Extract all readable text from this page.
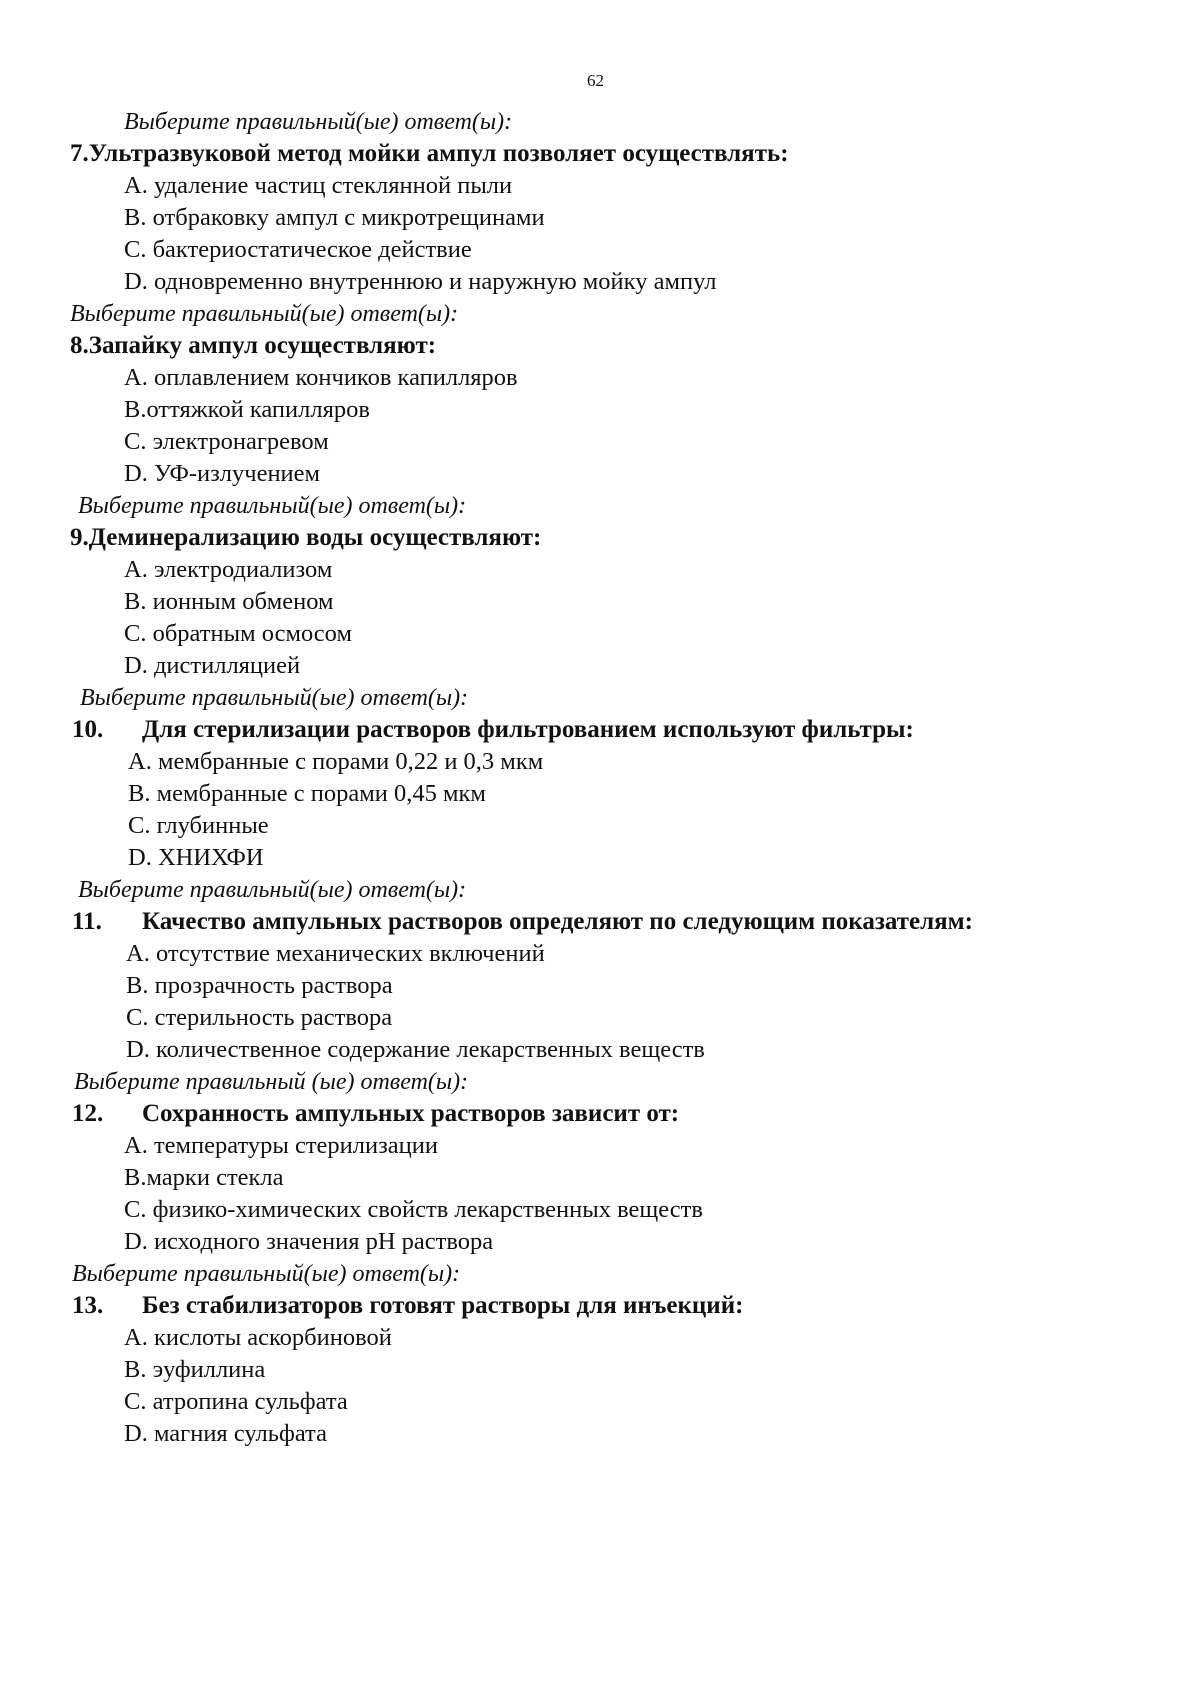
62
Выберите правильный(ые) ответ(ы):
7.Ультразвуковой метод мойки ампул позволяет осуществлять:
A. удаление частиц стеклянной пыли
B. отбраковку ампул с микротрещинами
C. бактериостатическое действие
D. одновременно внутреннюю и наружную мойку ампул
Выберите правильный(ые) ответ(ы):
8.Запайку ампул осуществляют:
A. оплавлением кончиков капилляров
B.оттяжкой капилляров
C. электронагревом
D. УФ-излучением
Выберите правильный(ые) ответ(ы):
9.Деминерализацию воды осуществляют:
A. электродиализом
B. ионным обменом
C. обратным осмосом
D. дистилляцией
Выберите правильный(ые) ответ(ы):
10. Для стерилизации растворов фильтрованием используют фильтры:
A. мембранные с порами 0,22 и 0,3 мкм
B. мембранные с порами 0,45 мкм
C. глубинные
D. ХНИХФИ
Выберите правильный(ые) ответ(ы):
11. Качество ампульных растворов определяют по следующим показателям:
A. отсутствие механических включений
B. прозрачность раствора
C. стерильность раствора
D. количественное содержание лекарственных веществ
Выберите правильный (ые) ответ(ы):
12. Сохранность ампульных растворов зависит от:
A. температуры стерилизации
B.марки стекла
C. физико-химических свойств лекарственных веществ
D. исходного значения pH раствора
Выберите правильный(ые) ответ(ы):
13. Без стабилизаторов готовят растворы для инъекций:
A. кислоты аскорбиновой
B. эуфиллина
C. атропина сульфата
D. магния сульфата
